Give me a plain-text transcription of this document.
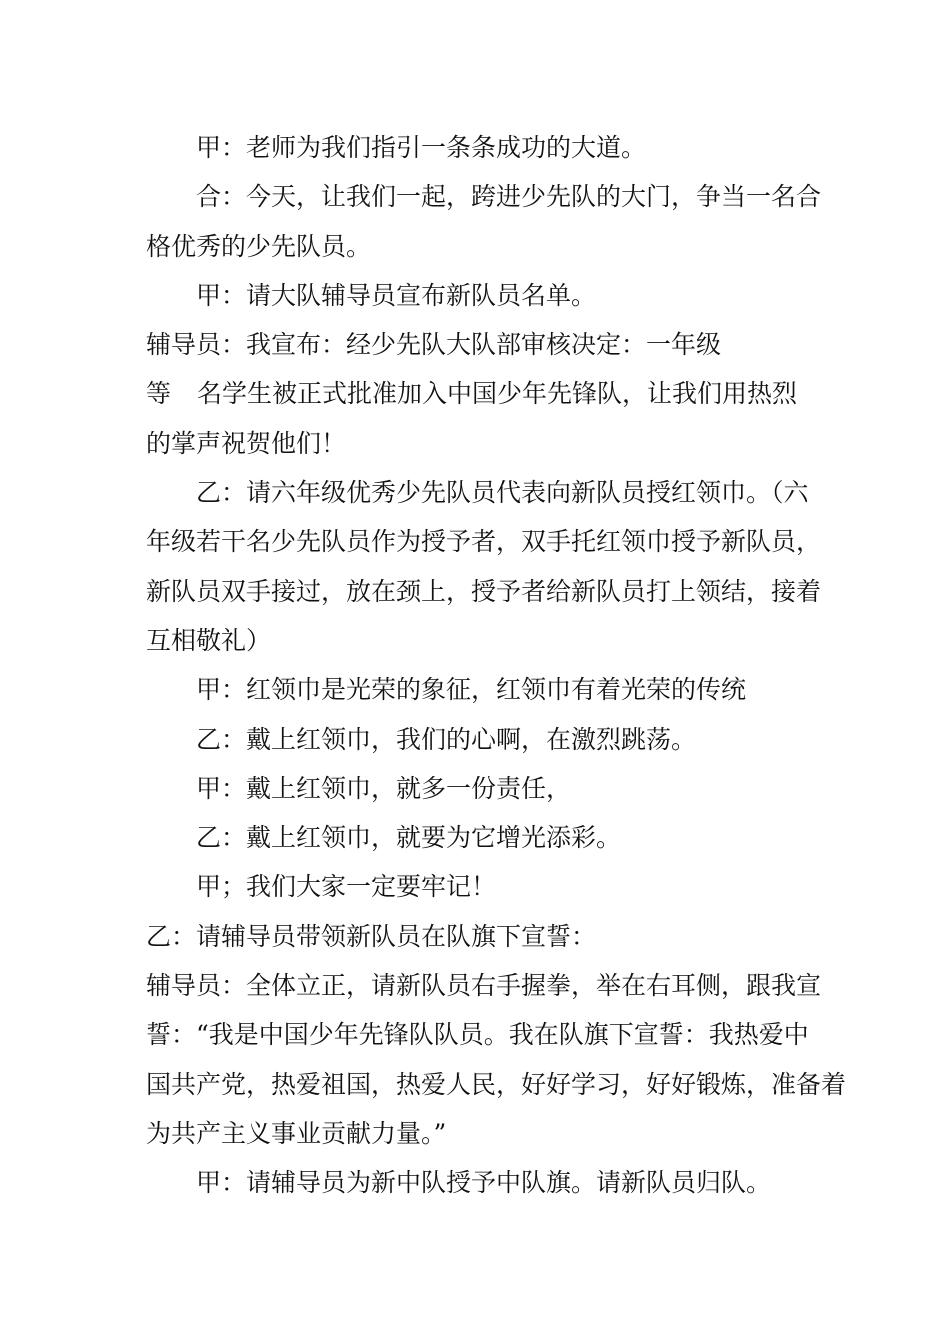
甲：老师为我们指引一条条成功的大道。

合：今天，让我们一起，跨进少先队的大门，争当一名合

格优秀的少先队员。

甲：请大队辅导员宣布新队员名单。

辅导员：我宣布：经少先队大队部审核决定：一年级

等 名学生被正式批准加入中国少年先锋队，让我们用热烈

的掌声祝贺他们！

乙：请六年级优秀少先队员代表向新队员授红领巾。（六

年级若干名少先队员作为授予者，双手托红领巾授予新队员，

新队员双手接过，放在颈上，授予者给新队员打上领结，接着

互相敬礼）

甲：红领巾是光荣的象征，红领巾有着光荣的传统

乙：戴上红领巾，我们的心啊，在激烈跳荡。

甲：戴上红领巾，就多一份责任，

乙：戴上红领巾，就要为它增光添彩。

甲；我们大家一定要牢记！

乙：请辅导员带领新队员在队旗下宣誓：

辅导员：全体立正，请新队员右手握拳，举在右耳侧，跟我宣

誓：“我是中国少年先锋队队员。我在队旗下宣誓：我热爱中

国共产党，热爱祖国，热爱人民，好好学习，好好锻炼，准备着

为共产主义事业贡献力量。”

甲：请辅导员为新中队授予中队旗。请新队员归队。
